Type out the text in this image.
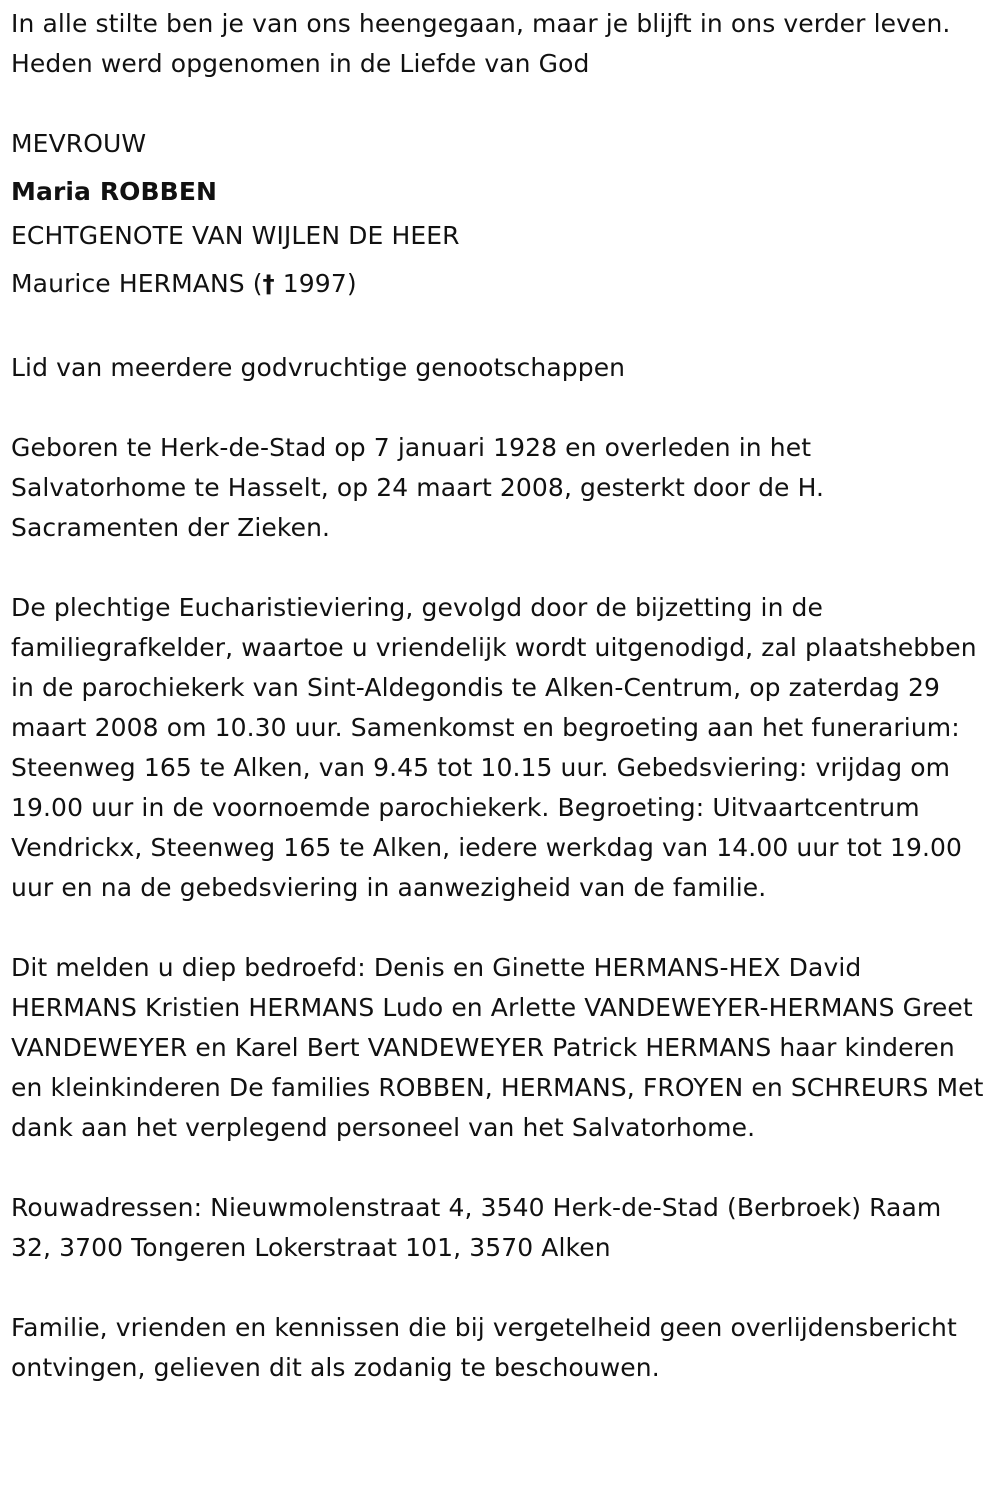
In alle stilte ben je van ons heengegaan, maar je blijft in ons verder leven. Heden werd opgenomen in de Liefde van God

MEVROUW

Maria ROBBEN

ECHTGENOTE VAN WIJLEN DE HEER

Maurice HERMANS († 1997)

Lid van meerdere godvruchtige genootschappen

Geboren te Herk-de-Stad op 7 januari 1928 en overleden in het Salvatorhome te Hasselt, op 24 maart 2008, gesterkt door de H. Sacramenten der Zieken.

De plechtige Eucharistieviering, gevolgd door de bijzetting in de familiegrafkelder, waartoe u vriendelijk wordt uitgenodigd, zal plaatshebben in de parochiekerk van Sint-Aldegondis te Alken-Centrum, op zaterdag 29 maart 2008 om 10.30 uur. Samenkomst en begroeting aan het funerarium: Steenweg 165 te Alken, van 9.45 tot 10.15 uur. Gebedsviering: vrijdag om 19.00 uur in de voornoemde parochiekerk. Begroeting: Uitvaartcentrum Vendrickx, Steenweg 165 te Alken, iedere werkdag van 14.00 uur tot 19.00 uur en na de gebedsviering in aanwezigheid van de familie.

Dit melden u diep bedroefd: Denis en Ginette HERMANS-HEX David HERMANS Kristien HERMANS Ludo en Arlette VANDEWEYER-HERMANS Greet VANDEWEYER en Karel Bert VANDEWEYER Patrick HERMANS haar kinderen en kleinkinderen De families ROBBEN, HERMANS, FROYEN en SCHREURS Met dank aan het verplegend personeel van het Salvatorhome.

Rouwadressen: Nieuwmolenstraat 4, 3540 Herk-de-Stad (Berbroek) Raam 32, 3700 Tongeren Lokerstraat 101, 3570 Alken

Familie, vrienden en kennissen die bij vergetelheid geen overlijdensbericht ontvingen, gelieven dit als zodanig te beschouwen.
